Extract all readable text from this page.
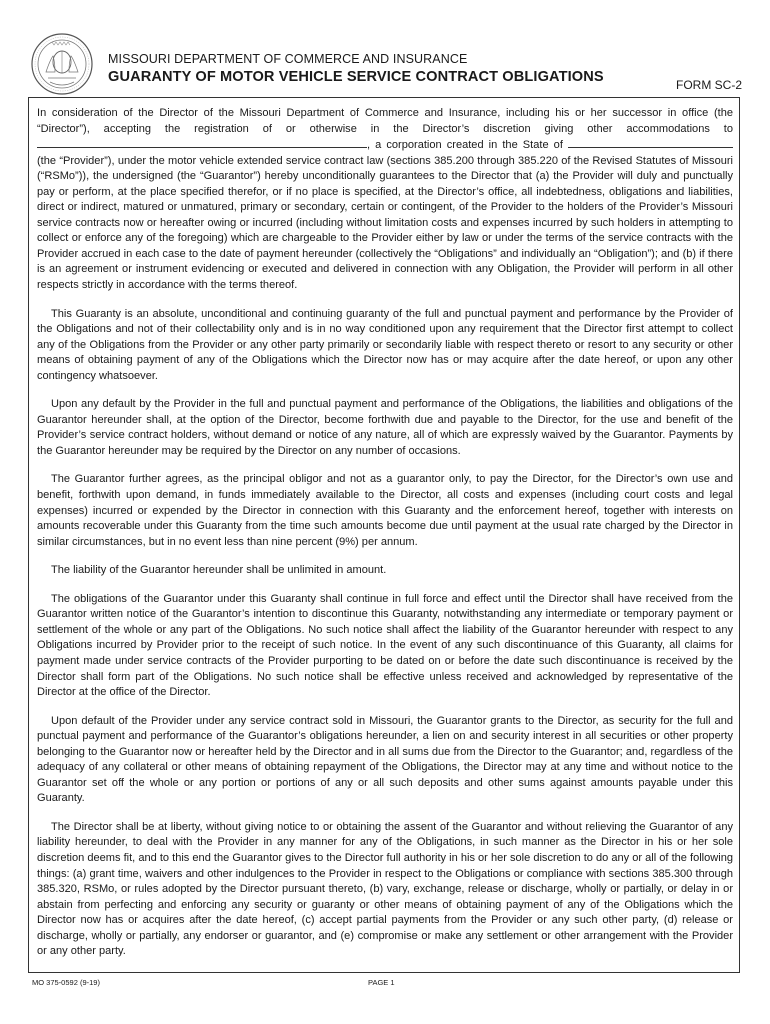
MISSOURI DEPARTMENT OF COMMERCE AND INSURANCE
GUARANTY OF MOTOR VEHICLE SERVICE CONTRACT OBLIGATIONS	FORM SC-2

In consideration of the Director of the Missouri Department of Commerce and Insurance, including his or her successor in office (the “Director”), accepting the registration of or otherwise in the Director’s discretion giving other accommodations to , a corporation created in the State of  (the “Provider”), under the motor vehicle extended service contract law (sections 385.200 through 385.220 of the Revised Statutes of Missouri (“RSMo”)), the undersigned (the “Guarantor”) hereby unconditionally guarantees to the Director that (a) the Provider will duly and punctually pay or perform, at the place specified therefor, or if no place is specified, at the Director’s office, all indebtedness, obligations and liabilities, direct or indirect, matured or unmatured, primary or secondary, certain or contingent, of the Provider to the holders of the Provider’s Missouri service contracts now or hereafter owing or incurred (including without limitation costs and expenses incurred by such holders in attempting to collect or enforce any of the foregoing) which are chargeable to the Provider either by law or under the terms of the service contracts with the Provider accrued in each case to the date of payment hereunder (collectively the “Obligations” and individually an “Obligation”); and (b) if there is an agreement or instrument evidencing or executed and delivered in connection with any Obligation, the Provider will perform in all other respects strictly in accordance with the terms thereof.

This Guaranty is an absolute, unconditional and continuing guaranty of the full and punctual payment and performance by the Provider of the Obligations and not of their collectability only and is in no way conditioned upon any requirement that the Director first attempt to collect any of the Obligations from the Provider or any other party primarily or secondarily liable with respect thereto or resort to any security or other means of obtaining payment of any of the Obligations which the Director now has or may acquire after the date hereof, or upon any other contingency whatsoever.

Upon any default by the Provider in the full and punctual payment and performance of the Obligations, the liabilities and obligations of the Guarantor hereunder shall, at the option of the Director, become forthwith due and payable to the Director, for the use and benefit of the Provider’s service contract holders, without demand or notice of any nature, all of which are expressly waived by the Guarantor. Payments by the Guarantor hereunder may be required by the Director on any number of occasions.

The Guarantor further agrees, as the principal obligor and not as a guarantor only, to pay the Director, for the Director’s own use and benefit, forthwith upon demand, in funds immediately available to the Director, all costs and expenses (including court costs and legal expenses) incurred or expended by the Director in connection with this Guaranty and the enforcement hereof, together with interests on amounts recoverable under this Guaranty from the time such amounts become due until payment at the usual rate charged by the Director in similar circumstances, but in no event less than nine percent (9%) per annum.

The liability of the Guarantor hereunder shall be unlimited in amount.

The obligations of the Guarantor under this Guaranty shall continue in full force and effect until the Director shall have received from the Guarantor written notice of the Guarantor’s intention to discontinue this Guaranty, notwithstanding any intermediate or temporary payment or settlement of the whole or any part of the Obligations. No such notice shall affect the liability of the Guarantor hereunder with respect to any Obligations incurred by Provider prior to the receipt of such notice. In the event of any such discontinuance of this Guaranty, all claims for payment made under service contracts of the Provider purporting to be dated on or before the date such discontinuance is received by the Director shall form part of the Obligations. No such notice shall be effective unless received and acknowledged by representative of the Director at the office of the Director.

Upon default of the Provider under any service contract sold in Missouri, the Guarantor grants to the Director, as security for the full and punctual payment and performance of the Guarantor’s obligations hereunder, a lien on and security interest in all securities or other property belonging to the Guarantor now or hereafter held by the Director and in all sums due from the Director to the Guarantor; and, regardless of the adequacy of any collateral or other means of obtaining repayment of the Obligations, the Director may at any time and without notice to the Guarantor set off the whole or any portion or portions of any or all such deposits and other sums against amounts payable under this Guaranty.

The Director shall be at liberty, without giving notice to or obtaining the assent of the Guarantor and without relieving the Guarantor of any liability hereunder, to deal with the Provider in any manner for any of the Obligations, in such manner as the Director in his or her sole discretion deems fit, and to this end the Guarantor gives to the Director full authority in his or her sole discretion to do any or all of the following things: (a) grant time, waivers and other indulgences to the Provider in respect to the Obligations or compliance with sections 385.300 through 385.320, RSMo, or rules adopted by the Director pursuant thereto, (b) vary, exchange, release or discharge, wholly or partially, or delay in or abstain from perfecting and enforcing any security or guaranty or other means of obtaining payment of any of the Obligations which the Director now has or acquires after the date hereof, (c) accept partial payments from the Provider or any such other party, (d) release or discharge, wholly or partially, any endorser or guarantor, and (e) compromise or make any settlement or other arrangement with the Provider or any other party.

MO 375-0592 (9-19)	PAGE 1
